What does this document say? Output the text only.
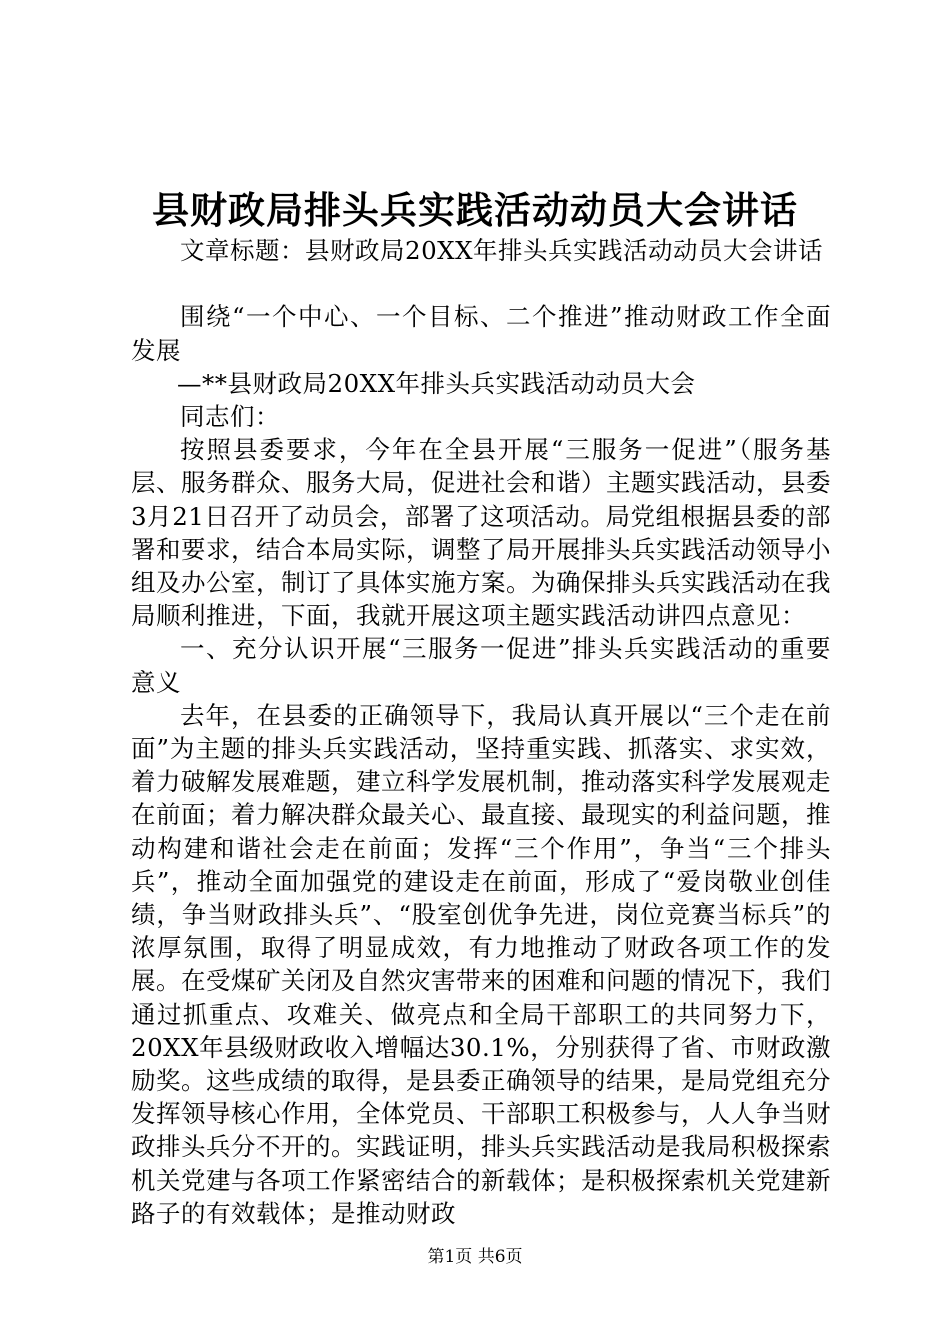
县财政局排头兵实践活动动员大会讲话

文章标题：县财政局20XX年排头兵实践活动动员大会讲话

围绕“一个中心、一个目标、二个推进”推动财政工作全面发展

—**县财政局20XX年排头兵实践活动动员大会

同志们：

按照县委要求，今年在全县开展“三服务一促进”（服务基层、服务群众、服务大局，促进社会和谐）主题实践活动，县委3月21日召开了动员会，部署了这项活动。局党组根据县委的部署和要求，结合本局实际，调整了局开展排头兵实践活动领导小组及办公室，制订了具体实施方案。为确保排头兵实践活动在我局顺利推进，下面，我就开展这项主题实践活动讲四点意见：

一、充分认识开展“三服务一促进”排头兵实践活动的重要意义

去年，在县委的正确领导下，我局认真开展以“三个走在前面”为主题的排头兵实践活动，坚持重实践、抓落实、求实效，着力破解发展难题，建立科学发展机制，推动落实科学发展观走在前面；着力解决群众最关心、最直接、最现实的利益问题，推动构建和谐社会走在前面；发挥“三个作用”，争当“三个排头兵”，推动全面加强党的建设走在前面，形成了“爱岗敬业创佳绩，争当财政排头兵”、“股室创优争先进，岗位竞赛当标兵”的浓厚氛围，取得了明显成效，有力地推动了财政各项工作的发展。在受煤矿关闭及自然灾害带来的困难和问题的情况下，我们通过抓重点、攻难关、做亮点和全局干部职工的共同努力下，20XX年县级财政收入增幅达30.1%，分别获得了省、市财政激励奖。这些成绩的取得，是县委正确领导的结果，是局党组充分发挥领导核心作用，全体党员、干部职工积极参与，人人争当财政排头兵分不开的。实践证明，排头兵实践活动是我局积极探索机关党建与各项工作紧密结合的新载体；是积极探索机关党建新路子的有效载体；是推动财政

第1页 共6页
